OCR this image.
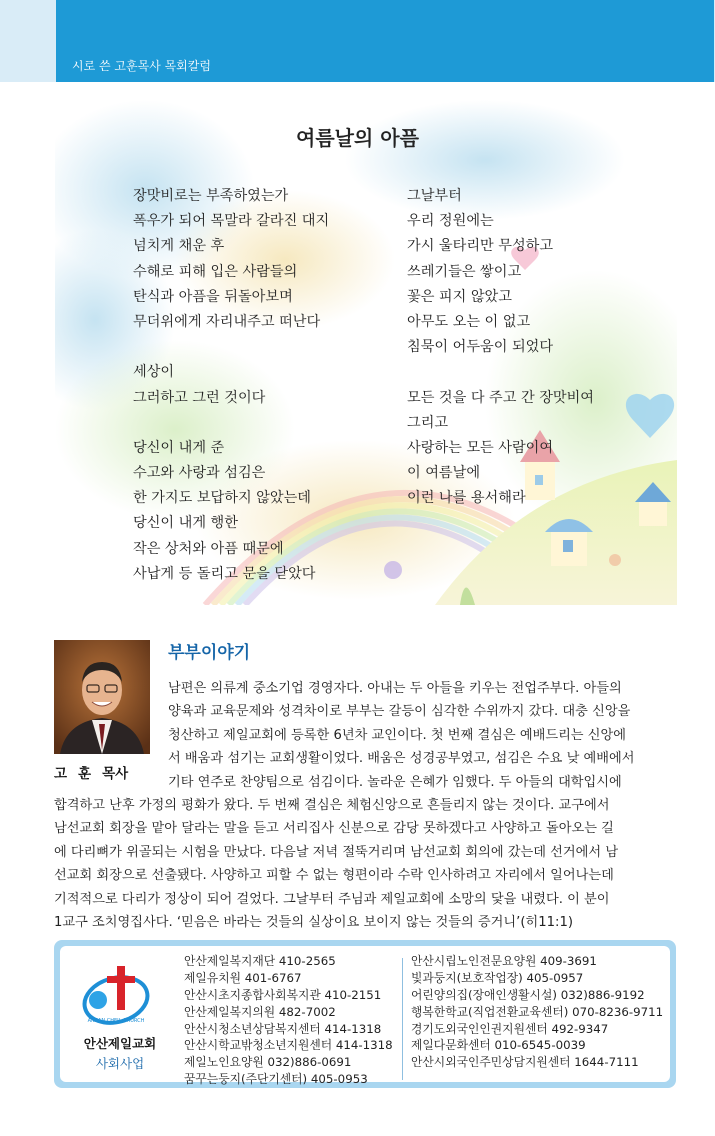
시로 쓴 고훈목사 목회칼럼
여름날의 아픔
장맛비로는 부족하였는가
폭우가 되어 목말라 갈라진 대지
넘치게 채운 후
수해로 피해 입은 사람들의
탄식과 아픔을 뒤돌아보며
무더위에게 자리내주고 떠난다
세상이
그러하고 그런 것이다
당신이 내게 준
수고와 사랑과 섬김은
한 가지도 보답하지 않았는데
당신이 내게 행한
작은 상처와 아픔 때문에
사납게 등 돌리고 문을 닫았다
그날부터
우리 정원에는
가시 울타리만 무성하고
쓰레기들은 쌓이고
꽃은 피지 않았고
아무도 오는 이 없고
침묵이 어두움이 되었다
모든 것을 다 주고 간 장맛비여
그리고
사랑하는 모든 사람이여
이 여름날에
이런 나를 용서해라
고훈목사
부부이야기
남편은 의류계 중소기업 경영자다. 아내는 두 아들을 키우는 전업주부다. 아들의
양육과 교육문제와 성격차이로 부부는 갈등이 심각한 수위까지 갔다. 대충 신앙을
청산하고 제일교회에 등록한 6년차 교인이다. 첫 번째 결심은 예배드리는 신앙에
서 배움과 섬기는 교회생활이었다. 배움은 성경공부였고, 섬김은 수요 낮 예배에서
기타 연주로 찬양팀으로 섬김이다. 놀라운 은혜가 임했다. 두 아들의 대학입시에
합격하고 난후 가정의 평화가 왔다. 두 번째 결심은 체험신앙으로 흔들리지 않는 것이다. 교구에서
남선교회 회장을 맡아 달라는 말을 듣고 서리집사 신분으로 감당 못하겠다고 사양하고 돌아오는 길
에 다리뼈가 위골되는 시험을 만났다. 다음날 저녁 절뚝거리며 남선교회 회의에 갔는데 선거에서 남
선교회 회장으로 선출됐다. 사양하고 피할 수 없는 형편이라 수락 인사하려고 자리에서 일어나는데
기적적으로 다리가 정상이 되어 걸었다. 그날부터 주님과 제일교회에 소망의 닻을 내렸다. 이 분이
1교구 조치영집사다. ‘믿음은 바라는 것들의 실상이요 보이지 않는 것들의 증거니’(히11:1)
ANSAN CHEIL CHURCH
안산제일교회
사회사업
안산제일복지재단 410-2565
제일유치원 401-6767
안산시초지종합사회복지관 410-2151
안산제일복지의원 482-7002
안산시청소년상담복지센터 414-1318
안산시학교밖청소년지원센터 414-1318
제일노인요양원 032)886-0691
꿈꾸는둥지(주단기센터) 405-0953
안산시립노인전문요양원 409-3691
빛과둥지(보호작업장) 405-0957
어린양의집(장애인생활시설) 032)886-9192
행복한학교(직업전환교육센터) 070-8236-9711
경기도외국인인권지원센터 492-9347
제일다문화센터 010-6545-0039
안산시외국인주민상담지원센터 1644-7111
